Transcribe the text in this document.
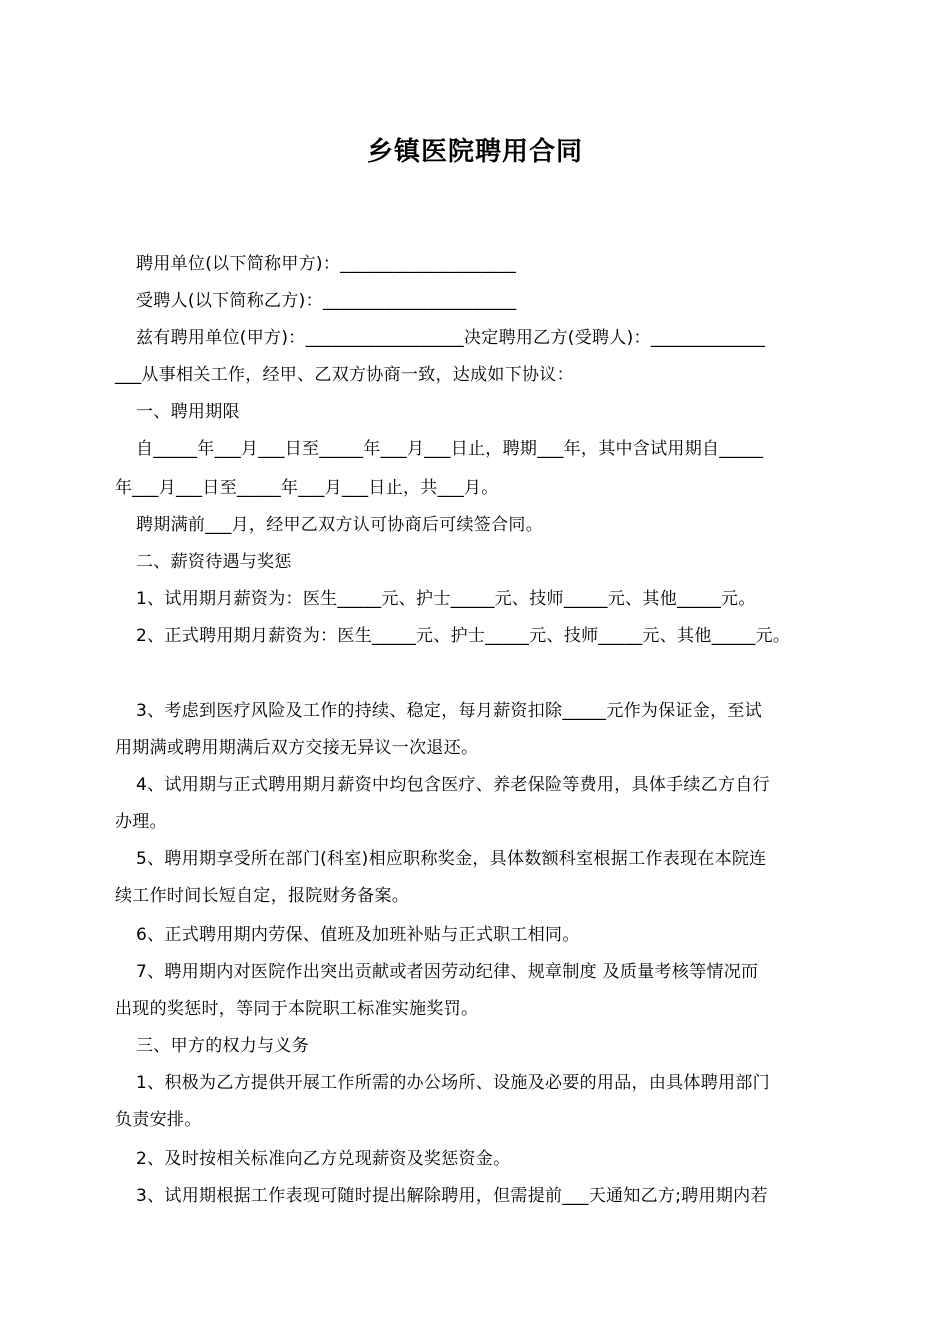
乡镇医院聘用合同
聘用单位(以下简称甲方)：____________________
受聘人(以下简称乙方)：______________________
兹有聘用单位(甲方)：__________________决定聘用乙方(受聘人)：_____________
___从事相关工作，经甲、乙双方协商一致，达成如下协议：
一、聘用期限
自_____年___月___日至_____年___月___日止，聘期___年，其中含试用期自_____
年___月___日至_____年___月___日止，共___月。
聘期满前___月，经甲乙双方认可协商后可续签合同。
二、薪资待遇与奖惩
1、试用期月薪资为：医生_____元、护士_____元、技师_____元、其他_____元。
2、正式聘用期月薪资为：医生_____元、护士_____元、技师_____元、其他_____元。
3、考虑到医疗风险及工作的持续、稳定，每月薪资扣除_____元作为保证金，至试
用期满或聘用期满后双方交接无异议一次退还。
4、试用期与正式聘用期月薪资中均包含医疗、养老保险等费用，具体手续乙方自行
办理。
5、聘用期享受所在部门(科室)相应职称奖金，具体数额科室根据工作表现在本院连
续工作时间长短自定，报院财务备案。
6、正式聘用期内劳保、值班及加班补贴与正式职工相同。
7、聘用期内对医院作出突出贡献或者因劳动纪律、规章制度 及质量考核等情况而
出现的奖惩时，等同于本院职工标准实施奖罚。
三、甲方的权力与义务
1、积极为乙方提供开展工作所需的办公场所、设施及必要的用品，由具体聘用部门
负责安排。
2、及时按相关标准向乙方兑现薪资及奖惩资金。
3、试用期根据工作表现可随时提出解除聘用，但需提前___天通知乙方;聘用期内若
